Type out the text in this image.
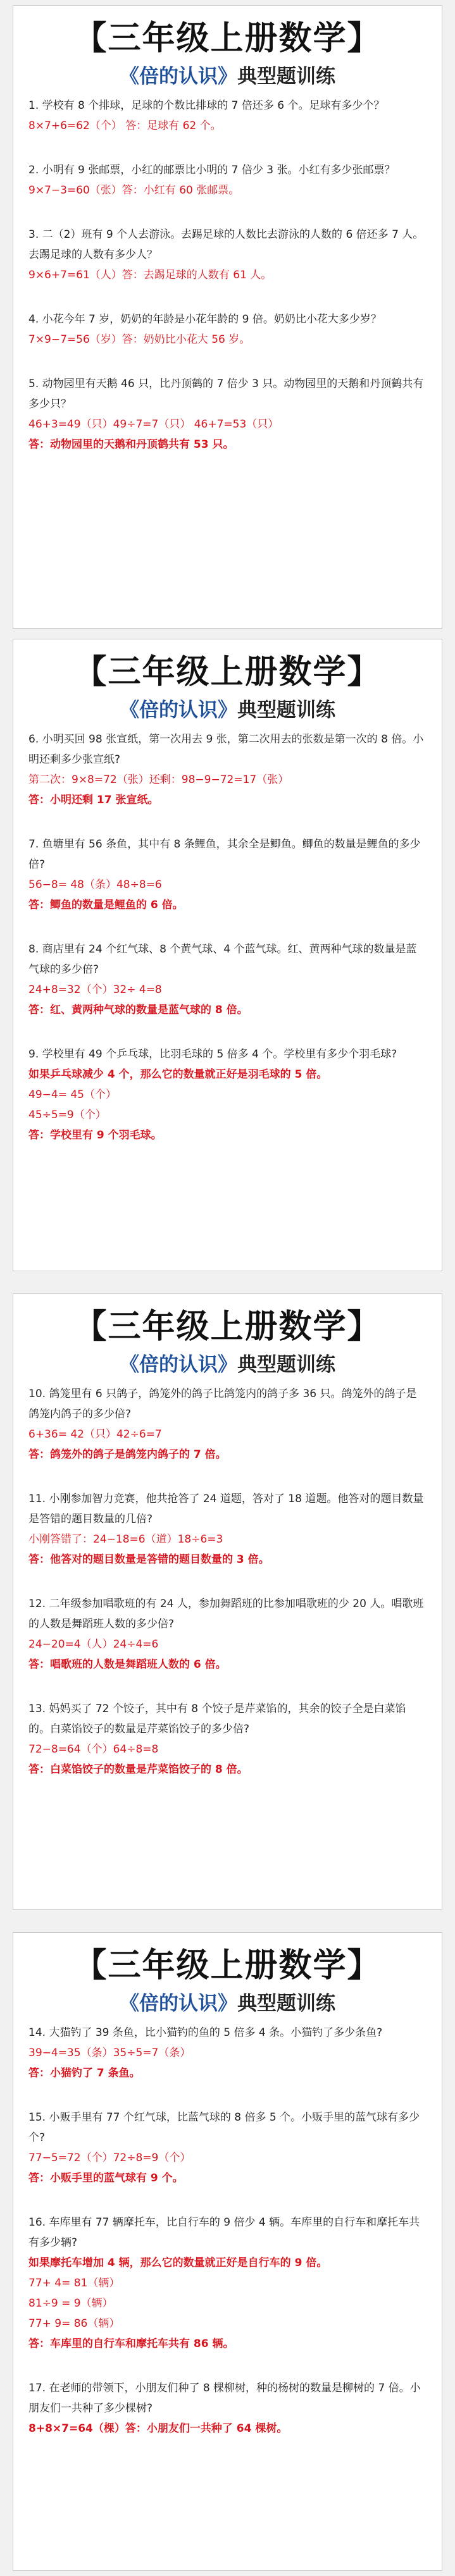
【三年级上册数学】
《倍的认识》典型题训练
1. 学校有 8 个排球，足球的个数比排球的 7 倍还多 6 个。足球有多少个？
8×7+6=62（个） 答：足球有 62 个。
2. 小明有 9 张邮票，小红的邮票比小明的 7 倍少 3 张。小红有多少张邮票？
9×7−3=60（张）答：小红有 60 张邮票。
3. 二（2）班有 9 个人去游泳。去踢足球的人数比去游泳的人数的 6 倍还多 7 人。去踢足球的人数有多少人？
9×6+7=61（人）答：去踢足球的人数有 61 人。
4. 小花今年 7 岁，奶奶的年龄是小花年龄的 9 倍。奶奶比小花大多少岁？
7×9−7=56（岁）答：奶奶比小花大 56 岁。
5. 动物园里有天鹅 46 只，比丹顶鹤的 7 倍少 3 只。动物园里的天鹅和丹顶鹤共有多少只？
46+3=49（只）49÷7=7（只） 46+7=53（只）
答：动物园里的天鹅和丹顶鹤共有 53 只。
【三年级上册数学】
《倍的认识》典型题训练
6. 小明买回 98 张宣纸，第一次用去 9 张，第二次用去的张数是第一次的 8 倍。小明还剩多少张宣纸?
第二次：9×8=72（张）还剩：98−9−72=17（张）
答：小明还剩 17 张宣纸。
7. 鱼塘里有 56 条鱼，其中有 8 条鲤鱼，其余全是鲫鱼。鲫鱼的数量是鲤鱼的多少倍?
56−8= 48（条）48÷8=6
答：鲫鱼的数量是鲤鱼的 6 倍。
8. 商店里有 24 个红气球、8 个黄气球、4 个蓝气球。红、黄两种气球的数量是蓝气球的多少倍?
24+8=32（个）32÷ 4=8
答：红、黄两种气球的数量是蓝气球的 8 倍。
9. 学校里有 49 个乒乓球，比羽毛球的 5 倍多 4 个。学校里有多少个羽毛球?
如果乒乓球减少 4 个，那么它的数量就正好是羽毛球的 5 倍。
49−4= 45（个）
45÷5=9（个）
答：学校里有 9 个羽毛球。
【三年级上册数学】
《倍的认识》典型题训练
10. 鸽笼里有 6 只鸽子，鸽笼外的鸽子比鸽笼内的鸽子多 36 只。鸽笼外的鸽子是鸽笼内鸽子的多少倍?
6+36= 42（只）42÷6=7
答：鸽笼外的鸽子是鸽笼内鸽子的 7 倍。
11. 小刚参加智力竞赛，他共抢答了 24 道题，答对了 18 道题。他答对的题目数量是答错的题目数量的几倍?
小刚答错了：24−18=6（道）18÷6=3
答：他答对的题目数量是答错的题目数量的 3 倍。
12. 二年级参加唱歌班的有 24 人，参加舞蹈班的比参加唱歌班的少 20 人。唱歌班的人数是舞蹈班人数的多少倍?
24−20=4（人）24÷4=6
答：唱歌班的人数是舞蹈班人数的 6 倍。
13. 妈妈买了 72 个饺子，其中有 8 个饺子是芹菜馅的，其余的饺子全是白菜馅的。白菜馅饺子的数量是芹菜馅饺子的多少倍?
72−8=64（个）64÷8=8
答：白菜馅饺子的数量是芹菜馅饺子的 8 倍。
【三年级上册数学】
《倍的认识》典型题训练
14. 大猫钓了 39 条鱼，比小猫钓的鱼的 5 倍多 4 条。小猫钓了多少条鱼?
39−4=35（条）35÷5=7（条）
答：小猫钓了 7 条鱼。
15. 小贩手里有 77 个红气球，比蓝气球的 8 倍多 5 个。小贩手里的蓝气球有多少个?
77−5=72（个）72÷8=9（个）
答：小贩手里的蓝气球有 9 个。
16. 车库里有 77 辆摩托车，比自行车的 9 倍少 4 辆。车库里的自行车和摩托车共有多少辆?
如果摩托车增加 4 辆，那么它的数量就正好是自行车的 9 倍。
77+ 4= 81（辆）
81÷9 = 9（辆）
77+ 9= 86（辆）
答：车库里的自行车和摩托车共有 86 辆。
17. 在老师的带领下，小朋友们种了 8 棵柳树，种的杨树的数量是柳树的 7 倍。小朋友们一共种了多少棵树?
8+8×7=64（棵）答：小朋友们一共种了 64 棵树。
